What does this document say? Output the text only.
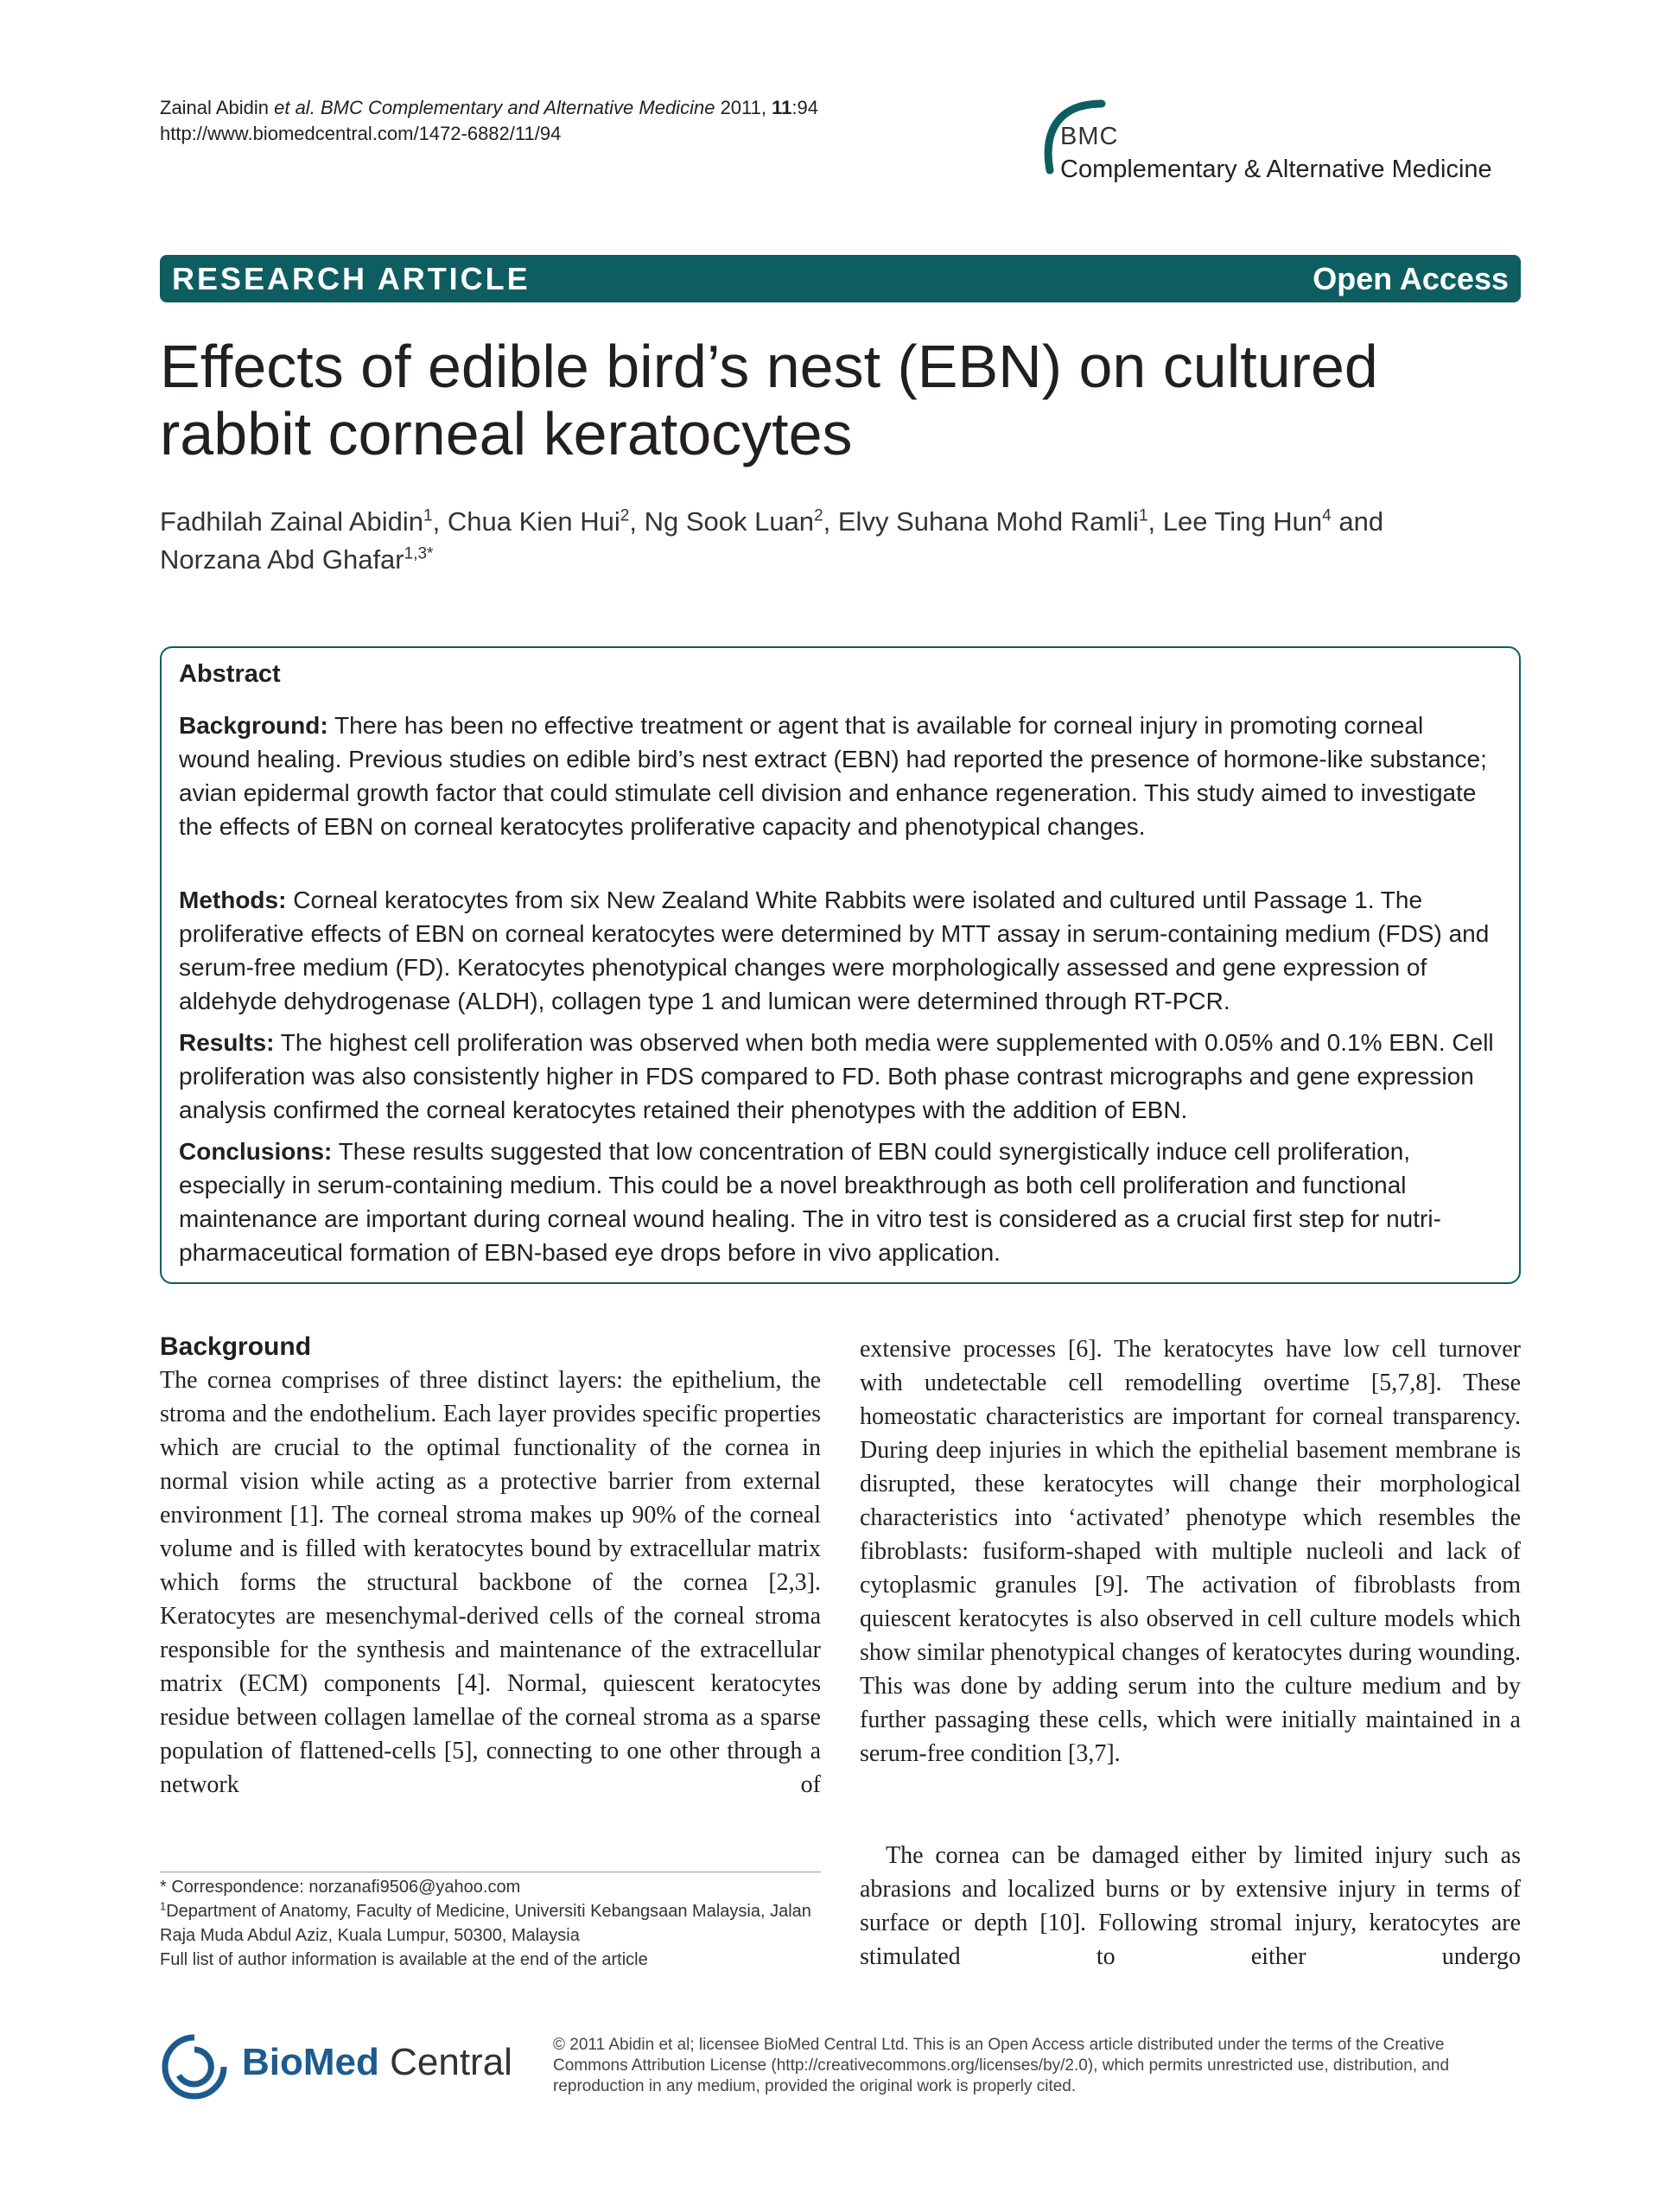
Zainal Abidin et al. BMC Complementary and Alternative Medicine 2011, 11:94
http://www.biomedcentral.com/1472-6882/11/94	BMC
Complementary & Alternative Medicine
RESEARCH ARTICLE	Open Access
Effects of edible bird’s nest (EBN) on cultured
rabbit corneal keratocytes
Fadhilah Zainal Abidin$^1$, Chua Kien Hui$^2$, Ng Sook Luan$^2$, Elvy Suhana Mohd Ramli$^1$, Lee Ting Hun$^4$ and
Norzana Abd Ghafar$^{1,3*}$
Abstract
Background: There has been no effective treatment or agent that is available for corneal injury in promoting corneal wound healing. Previous studies on edible bird’s nest extract (EBN) had reported the presence of hormone-like substance; avian epidermal growth factor that could stimulate cell division and enhance regeneration. This study aimed to investigate the effects of EBN on corneal keratocytes proliferative capacity and phenotypical changes.
Methods: Corneal keratocytes from six New Zealand White Rabbits were isolated and cultured until Passage 1. The proliferative effects of EBN on corneal keratocytes were determined by MTT assay in serum-containing medium (FDS) and serum-free medium (FD). Keratocytes phenotypical changes were morphologically assessed and gene expression of aldehyde dehydrogenase (ALDH), collagen type 1 and lumican were determined through RT-PCR.
Results: The highest cell proliferation was observed when both media were supplemented with 0.05% and 0.1% EBN. Cell proliferation was also consistently higher in FDS compared to FD. Both phase contrast micrographs and gene expression analysis confirmed the corneal keratocytes retained their phenotypes with the addition of EBN.
Conclusions: These results suggested that low concentration of EBN could synergistically induce cell proliferation, especially in serum-containing medium. This could be a novel breakthrough as both cell proliferation and functional maintenance are important during corneal wound healing. The in vitro test is considered as a crucial first step for nutri-pharmaceutical formation of EBN-based eye drops before in vivo application.
Background
The cornea comprises of three distinct layers: the epithelium, the stroma and the endothelium. Each layer provides specific properties which are crucial to the optimal functionality of the cornea in normal vision while acting as a protective barrier from external environment [1]. The corneal stroma makes up 90% of the corneal volume and is filled with keratocytes bound by extracellular matrix which forms the structural backbone of the cornea [2,3]. Keratocytes are mesenchymal-derived cells of the corneal stroma responsible for the synthesis and maintenance of the extracellular matrix (ECM) components [4]. Normal, quiescent keratocytes residue between collagen lamellae of the corneal stroma as a sparse population of flattened-cells [5], connecting to one other through a network of
extensive processes [6]. The keratocytes have low cell turnover with undetectable cell remodelling overtime [5,7,8]. These homeostatic characteristics are important for corneal transparency. During deep injuries in which the epithelial basement membrane is disrupted, these keratocytes will change their morphological characteristics into ‘activated’ phenotype which resembles the fibroblasts: fusiform-shaped with multiple nucleoli and lack of cytoplasmic granules [9]. The activation of fibroblasts from quiescent keratocytes is also observed in cell culture models which show similar phenotypical changes of keratocytes during wounding. This was done by adding serum into the culture medium and by further passaging these cells, which were initially maintained in a serum-free condition [3,7].
The cornea can be damaged either by limited injury such as abrasions and localized burns or by extensive injury in terms of surface or depth [10]. Following stromal injury, keratocytes are stimulated to either undergo
* Correspondence: norzanafi9506@yahoo.com
$^1$Department of Anatomy, Faculty of Medicine, Universiti Kebangsaan Malaysia, Jalan Raja Muda Abdul Aziz, Kuala Lumpur, 50300, Malaysia
Full list of author information is available at the end of the article
BioMed Central © 2011 Abidin et al; licensee BioMed Central Ltd. This is an Open Access article distributed under the terms of the Creative Commons Attribution License (http://creativecommons.org/licenses/by/2.0), which permits unrestricted use, distribution, and reproduction in any medium, provided the original work is properly cited.
